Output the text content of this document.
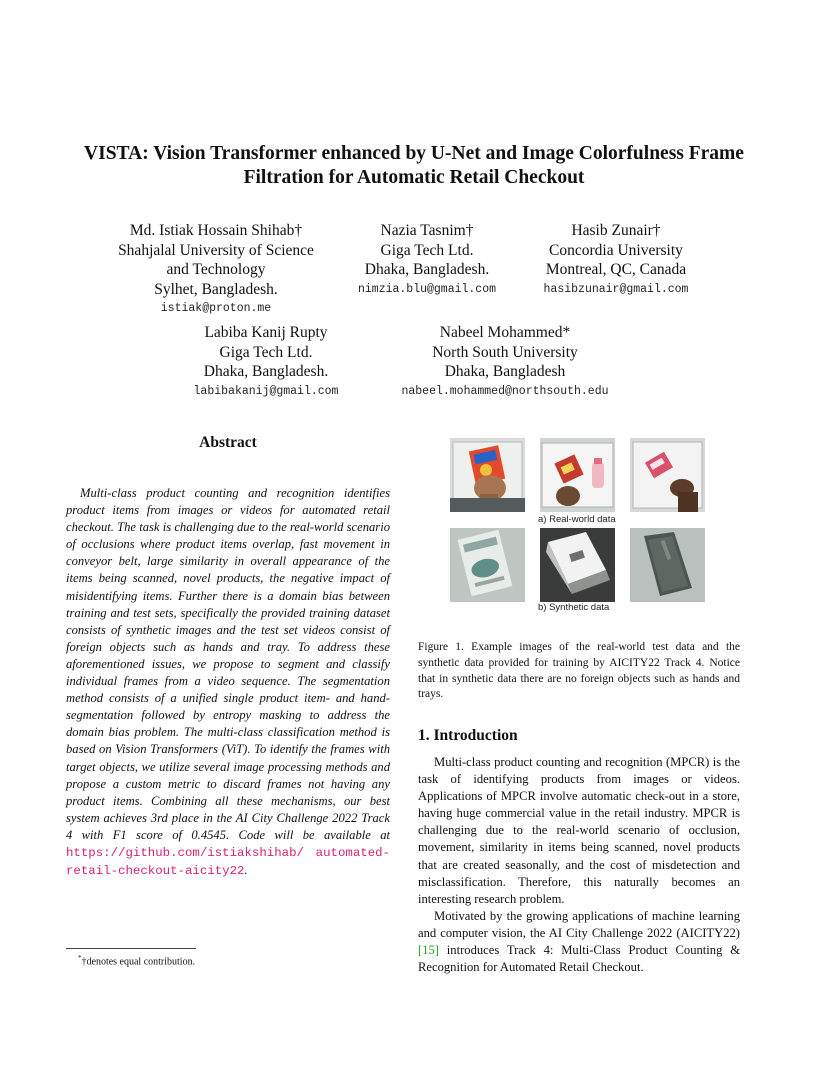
VISTA: Vision Transformer enhanced by U-Net and Image Colorfulness Frame
Filtration for Automatic Retail Checkout
Md. Istiak Hossain Shihab†
Shahjalal University of Science
and Technology
Sylhet, Bangladesh.
istiak@proton.me
Nazia Tasnim†
Giga Tech Ltd.
Dhaka, Bangladesh.
nimzia.blu@gmail.com
Hasib Zunair†
Concordia University
Montreal, QC, Canada
hasibzunair@gmail.com
Labiba Kanij Rupty
Giga Tech Ltd.
Dhaka, Bangladesh.
labibakanij@gmail.com
Nabeel Mohammed*
North South University
Dhaka, Bangladesh
nabeel.mohammed@northsouth.edu
Abstract
Multi-class product counting and recognition identifies product items from images or videos for automated retail checkout. The task is challenging due to the real-world scenario of occlusions where product items overlap, fast movement in conveyor belt, large similarity in overall appearance of the items being scanned, novel products, the negative impact of misidentifying items. Further there is a domain bias between training and test sets, specifically the provided training dataset consists of synthetic images and the test set videos consist of foreign objects such as hands and tray. To address these aforementioned issues, we propose to segment and classify individual frames from a video sequence. The segmentation method consists of a unified single product item- and hand-segmentation followed by entropy masking to address the domain bias problem. The multi-class classification method is based on Vision Transformers (ViT). To identify the frames with target objects, we utilize several image processing methods and propose a custom metric to discard frames not having any product items. Combining all these mechanisms, our best system achieves 3rd place in the AI City Challenge 2022 Track 4 with F1 score of 0.4545. Code will be available at https://github.com/istiakshihab/ automated-retail-checkout-aicity22.
*†denotes equal contribution.
a) Real-world data
b) Synthetic data
Figure 1. Example images of the real-world test data and the synthetic data provided for training by AICITY22 Track 4. Notice that in synthetic data there are no foreign objects such as hands and trays.
1. Introduction

Multi-class product counting and recognition (MPCR) is the task of identifying products from images or videos. Applications of MPCR involve automatic check-out in a store, having huge commercial value in the retail industry. MPCR is challenging due to the real-world scenario of occlusion, movement, similarity in items being scanned, novel products that are created seasonally, and the cost of misdetection and misclassification. Therefore, this naturally becomes an interesting research problem.

Motivated by the growing applications of machine learning and computer vision, the AI City Challenge 2022 (AICITY22) [15] introduces Track 4: Multi-Class Product Counting & Recognition for Automated Retail Checkout.
